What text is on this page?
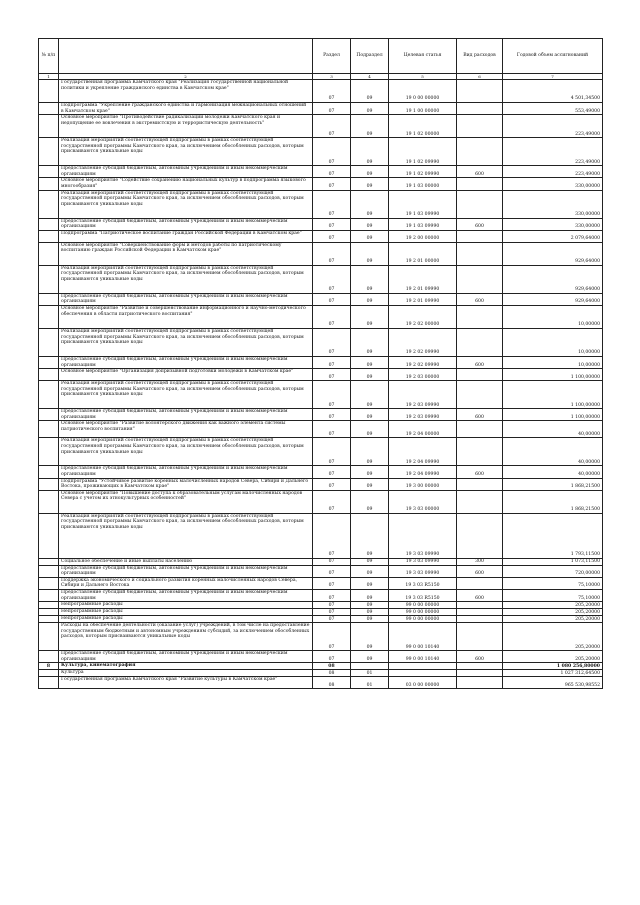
№ п/п		Раздел	Подраздел	Целевая статья	Вид расходов	Годовой объем ассигнований
1	2	3	4	5	6	7
	Государственная программа Камчатского края "Реализация государственной национальной политики и укрепление гражданского единства в Камчатском крае"	07	09	19 0 00 00000		4 501,34500
	Подпрограмма "Укрепление гражданского единства и гармонизация межнациональных отношений в Камчатском крае"	07	09	19 1 00 00000		553,49000
	Основное мероприятие "Противодействие радикализации молодежи Камчатского края и недопущение ее вовлечения в экстремистскую и террористическую деятельность"	07	09	19 1 02 00000		223,49000
	Реализация мероприятий соответствующей подпрограммы в рамках соответствующей государственной программы Камчатского края, за исключением обособленных расходов, которым присваиваются уникальные коды	07	09	19 1 02 09990		223,49000
	Предоставление субсидий бюджетным, автономным учреждениям и иным некоммерческим организациям	07	09	19 1 02 09990	600	223,49000
	Основное мероприятие "Содействие сохранению национальных культур в подпрограмма языкового многообразия"	07	09	19 1 03 00000		330,00000
	Реализация мероприятий соответствующей подпрограммы в рамках соответствующей государственной программы Камчатского края, за исключением обособленных расходов, которым присваиваются уникальные коды	07	09	19 1 03 09990		330,00000
	Предоставление субсидий бюджетным, автономным учреждениям и иным некоммерческим организациям	07	09	19 1 03 09990	600	330,00000
	Подпрограмма "Патриотическое воспитание граждан Российской Федерации в Камчатском крае"	07	09	19 2 00 00000		2 079,64000
	Основное мероприятие "Совершенствование форм и методов работы по патриотическому воспитанию граждан Российской Федерации в Камчатском крае"	07	09	19 2 01 00000		929,64000
	Реализация мероприятий соответствующей подпрограммы в рамках соответствующей государственной программы Камчатского края, за исключением обособленных расходов, которым присваиваются уникальные коды	07	09	19 2 01 09990		929,64000
	Предоставление субсидий бюджетным, автономным учреждениям и иным некоммерческим организациям	07	09	19 2 01 09990	600	929,64000
	Основное мероприятие "Развитие и совершенствование информационного и научно-методического обеспечения в области патриотического воспитания"	07	09	19 2 02 00000		10,00000
	Реализация мероприятий соответствующей подпрограммы в рамках соответствующей государственной программы Камчатского края, за исключением обособленных расходов, которым присваиваются уникальные коды	07	09	19 2 02 09990		10,00000
	Предоставление субсидий бюджетным, автономным учреждениям и иным некоммерческим организациям	07	09	19 2 02 09990	600	10,00000
	Основное мероприятие "Организация допризывной подготовки молодежи в Камчатском крае"	07	09	19 2 03 00000		1 100,00000
	Реализация мероприятий соответствующей подпрограммы в рамках соответствующей государственной программы Камчатского края, за исключением обособленных расходов, которым присваиваются уникальные коды	07	09	19 2 03 09990		1 100,00000
	Предоставление субсидий бюджетным, автономным учреждениям и иным некоммерческим организациям	07	09	19 2 03 09990	600	1 100,00000
	Основное мероприятие "Развитие волонтерского движения как важного элемента системы патриотического воспитания"	07	09	19 2 04 00000		40,00000
	Реализация мероприятий соответствующей подпрограммы в рамках соответствующей государственной программы Камчатского края, за исключением обособленных расходов, которым присваиваются уникальные коды	07	09	19 2 04 09990		40,00000
	Предоставление субсидий бюджетным, автономным учреждениям и иным некоммерческим организациям	07	09	19 2 04 09990	600	40,00000
	Подпрограмма "Устойчивое развитие коренных малочисленных народов Севера, Сибири и Дальнего Востока, проживающих в Камчатском крае"	07	09	19 3 00 00000		1 868,21500
	Основное мероприятие "Повышение доступа к образовательным услугам малочисленных народов Севера с учетом их этнокультурных особенностей"	07	09	19 3 03 00000		1 868,21500
	Реализация мероприятий соответствующей подпрограммы в рамках соответствующей государственной программы Камчатского края, за исключением обособленных расходов, которым присваиваются уникальные коды	07	09	19 3 03 09990		1 793,11500
	Социальное обеспечение и иные выплаты населению	07	09	19 3 03 09990	300	1 073,11500
	Предоставление субсидий бюджетным, автономным учреждениям и иным некоммерческим организациям	07	09	19 3 03 09990	600	720,00000
	Поддержка экономического и социального развития коренных малочисленных народов Севера, Сибири и Дальнего Востока	07	09	19 3 03 R5150		75,10000
	Предоставление субсидий бюджетным, автономным учреждениям и иным некоммерческим организациям	07	09	19 3 03 R5150	600	75,10000
	Непрограммные расходы	07	09	99 0 00 00000		205,20000
	Непрограммные расходы	07	09	99 0 00 00000		205,20000
	Непрограммные расходы	07	09	99 0 00 00000		205,20000
	Расходы на обеспечение деятельности (оказание услуг) учреждений, в том числе на предоставление государственным бюджетным и автономным учреждениям субсидий, за исключением обособленных расходов, которым присваиваются уникальные коды	07	09	99 0 00 10140		205,20000
	Предоставление субсидий бюджетным, автономным учреждениям и иным некоммерческим организациям	07	09	99 0 00 10140	600	205,20000
8	Культура, кинематография	08				1 080 256,80000
	Культура	08	01			1 027 312,64500
	Государственная программа Камчатского края "Развитие культуры в Камчатском крае"	08	01	03 0 00 00000		965 530,98552
